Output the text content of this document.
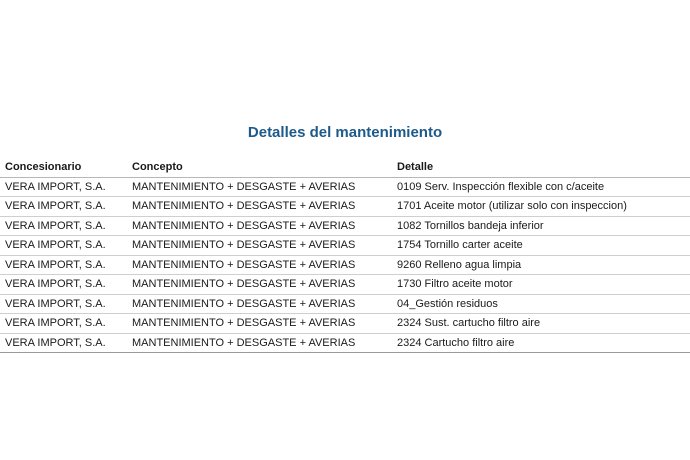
Detalles del mantenimiento
Concesionario	Concepto	Detalle
VERA IMPORT, S.A.	MANTENIMIENTO + DESGASTE + AVERIAS	0109 Serv. Inspección flexible con c/aceite
VERA IMPORT, S.A.	MANTENIMIENTO + DESGASTE + AVERIAS	1701 Aceite motor (utilizar solo con inspeccion)
VERA IMPORT, S.A.	MANTENIMIENTO + DESGASTE + AVERIAS	1082 Tornillos bandeja inferior
VERA IMPORT, S.A.	MANTENIMIENTO + DESGASTE + AVERIAS	1754 Tornillo carter aceite
VERA IMPORT, S.A.	MANTENIMIENTO + DESGASTE + AVERIAS	9260 Relleno agua limpia
VERA IMPORT, S.A.	MANTENIMIENTO + DESGASTE + AVERIAS	1730 Filtro aceite motor
VERA IMPORT, S.A.	MANTENIMIENTO + DESGASTE + AVERIAS	04_Gestión residuos
VERA IMPORT, S.A.	MANTENIMIENTO + DESGASTE + AVERIAS	2324 Sust. cartucho filtro aire
VERA IMPORT, S.A.	MANTENIMIENTO + DESGASTE + AVERIAS	2324 Cartucho filtro aire
